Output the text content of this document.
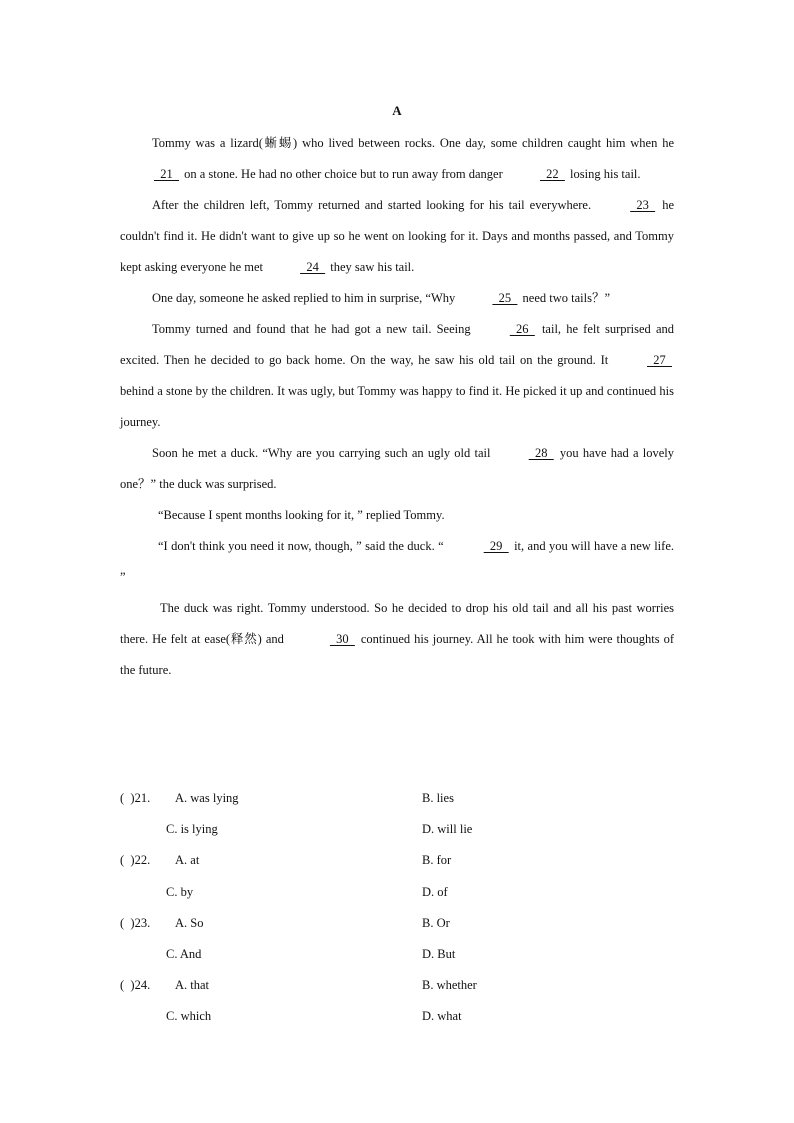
A

Tommy was a lizard(蜥蜴) who lived between rocks. One day, some children caught him when he   21   on a stone. He had no other choice but to run away from danger	22   losing his tail.

After the children left, Tommy returned and started looking for his tail everywhere.	23   he couldn't find it. He didn't want to give up so he went on looking for it. Days and months passed, and Tommy kept asking everyone he met	24   they saw his tail.

One day, someone he asked replied to him in surprise, “Why	25   need two tails？”

Tommy turned and found that he had got a new tail. Seeing	26   tail, he felt surprised and excited. Then he decided to go back home. On the way, he saw his old tail on the ground. It	27   behind a stone by the children. It was ugly, but Tommy was happy to find it. He picked it up and continued his journey.

Soon he met a duck. “Why are you carrying such an ugly old tail	28   you have had a lovely one？” the duck was surprised.

“Because I spent months looking for it, ” replied Tommy.

“I don't think you need it now, though, ” said the duck. “	29   it, and you will have a new life. ”

The duck was right. Tommy understood. So he decided to drop his old tail and all his past worries there. He felt at ease(释然) and	30   continued his journey. All he took with him were thoughts of the future.

(  )21. A. was lying	B. lies
C. is lying	D. will lie
(  )22. A. at	B. for
C. by	D. of
(  )23. A. So	B. Or
C. And	D. But
(  )24. A. that	B. whether
C. which	D. what
